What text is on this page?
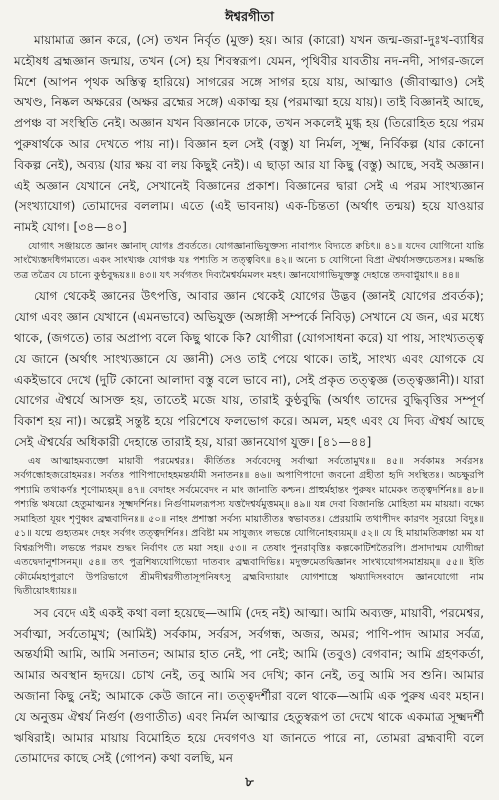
ঈশ্বরগীতা

মায়ামাত্র জ্ঞান করে, (সে) তখন নির্বৃত (মুক্ত) হয়। আর (কারো) যখন জন্ম-জরা-দুঃখ-ব্যাধির মহৌষধ ব্রহ্মজ্ঞান জন্মায়, তখন (সে) হয় শিবস্বরূপ। যেমন, পৃথিবীর যাবতীয় নদ-নদী, সাগর-জলে মিশে (আপন পৃথক অস্তিত্ব হারিয়ে) সাগরের সঙ্গে সাগর হয়ে যায়, আত্মাও (জীবাত্মাও) সেই অখণ্ড, নিষ্কল অক্ষরের (অক্ষর ব্রহ্মের সঙ্গে) একাত্ম হয় (পরমাত্মা হয়ে যায়)। তাই বিজ্ঞানই আছে, প্রপঞ্চ বা সংস্থিতি নেই। অজ্ঞান যখন বিজ্ঞানকে ঢাকে, তখন সকলেই মুগ্ধ হয় (তিরোহিত হয়ে পরম পুরুষার্থকে আর দেখতে পায় না)। বিজ্ঞান হল সেই (বস্তু) যা নির্মল, সূক্ষ্ম, নির্বিকল্প (যার কোনো বিকল্প নেই), অব্যয় (যার ক্ষয় বা লয় কিছুই নেই)। এ ছাড়া আর যা কিছু (বস্তু) আছে, সবই অজ্ঞান। এই অজ্ঞান যেখানে নেই, সেখানেই বিজ্ঞানের প্রকাশ। বিজ্ঞানের দ্বারা সেই এ পরম সাংখ্যজ্ঞান (সংখ্যাযোগ) তোমাদের বললাম। এতে (এই ভাবনায়) এক-চিন্ততা (অর্থাৎ তন্ময়) হয়ে যাওয়ার নামই যোগ। [৩৪—৪০]

যোগাৎ সঞ্জায়তে জ্ঞানং জ্ঞানাদ্ যোগঃ প্রবর্ততে। যোগজ্ঞানাভিযুক্তস্য নাবাপ্যং বিদ্যতে ক্বচিৎ॥ ৪১॥ যদেব যোগিনো যান্তি সাংখ্যৈস্তদধিগম্যতে। একং সাংখ্যঞ্চ যোগঞ্চ যঃ পশ্যতি স তত্ত্ববিৎ॥ ৪২॥ অন্যে চ যোগিনো বিপ্রা ঐশ্বর্যাসক্তচেতসঃ। মজ্জন্তি তত্র তত্রৈব যে চান্যে কুণ্ঠবুদ্ধয়ঃ॥ ৪৩॥ যৎ সর্বগতং দিব্যমৈশ্বর্যমমলং মহৎ। জ্ঞানযোগাভিযুক্তস্তু দেহান্তে তদবাপ্নুয়াৎ॥ ৪৪॥

যোগ থেকেই জ্ঞানের উৎপত্তি, আবার জ্ঞান থেকেই যোগের উদ্ভব (জ্ঞানই যোগের প্রবর্তক); যোগ এবং জ্ঞান যেখানে (এমনভাবে) অভিযুক্ত (অঙ্গাঙ্গী সম্পর্কে নিবিড়) সেখানে যে জন, এর মধ্যে থাকে, (জগতে) তার অপ্রাপ্য বলে কিছু থাকে কি? যোগীরা (যোগসাধনা করে) যা পায়, সাংখ্যতত্ত্ব যে জানে (অর্থাৎ সাংখ্যজ্ঞানে যে জ্ঞানী) সেও তাই পেয়ে থাকে। তাই, সাংখ্য এবং যোগকে যে একইভাবে দেখে (দুটি কোনো আলাদা বস্তু বলে ভাবে না), সেই প্রকৃত তত্ত্বজ্ঞ (তত্ত্বজ্ঞানী)। যারা যোগের ঐশ্বর্যে আসক্ত হয়, তাতেই মজে যায়, তারাই কুণ্ঠবুদ্ধি (অর্থাৎ তাদের বুদ্ধিবৃত্তির সম্পূর্ণ বিকাশ হয় না)। অল্পেই সন্তুষ্ট হয়ে পরিশেষে ফলভোগ করে। অমল, মহৎ এবং যে দিব্য ঐশ্বর্য আছে সেই ঐশ্বর্যের অধিকারী দেহান্তে তারাই হয়, যারা জ্ঞানযোগ যুক্ত। [৪১—৪৪]

এষ আত্মাহমব্যক্তো মায়াবী পরমেশ্বরঃ। কীর্তিতঃ সর্ববেদেষু সর্বাত্মা সর্বতোমুখঃ॥ ৪৫॥ সর্বকামঃ সর্বরসঃ সর্বগন্ধোহজরোহমরঃ। সর্বতঃ পাণিপাদোহহমন্তর্যামী সনাতনঃ॥ ৪৬॥ অপাণিপাদো জবনো গ্রহীতা হৃদি সংস্থিতঃ। অচক্ষুরপি পশ্যামি তথাকর্ণঃ শৃণোম্যহম্॥ ৪৭॥ বেদাহং সর্বমেবেদং ন মাং জানাতি কশ্চন। প্রাহুর্মহান্তং পুরুষং মামেকং তত্ত্বদর্শিনঃ॥ ৪৮॥ পশ্যন্তি ঋষয়ো হেতুমাত্মনঃ সূক্ষ্মদর্শিনঃ। নির্গুণামলরূপস্য যত্তদৈশ্বর্যমুত্তমম্॥ ৪৯॥ যন্ন দেবা বিজানন্তি মোহিতা মম মায়য়া। বক্ষ্যে সমাহিতা যূয়ং শৃণুধ্বং ব্রহ্মবাদিনঃ॥ ৫০॥ নাহং প্রশাস্তা সর্বস্য মায়াতীতঃ স্বভাবতঃ। প্রেরয়ামি তথাপীদং কারণং সূরয়ো বিদুঃ॥ ৫১॥ যন্মে গুহ্যতমং দেহং সর্বগং তত্ত্বদর্শিনঃ। প্রবিষ্টা মম সাযুজ্যং লভন্তে যোগিনোহব্যয়ম্॥ ৫২॥ যে হি মায়ামতিক্রান্তা মম যা বিশ্বরূপিণী। লভন্তে পরমং শুদ্ধং নির্বাণং তে ময়া সহ॥ ৫৩॥ ন তেষাং পুনরাবৃত্তিঃ কল্পকোটিশতৈরপি। প্রসাদান্মম যোগীন্দ্রা এতদ্বেদানুশাসনম্॥ ৫৪॥ তৎ পুত্রশিষ্যযোগিভ্যো দাতব্যং ব্রহ্মবাদিভিঃ। মদুক্তমেতদ্বিজ্ঞানং সাংখ্যযোগসমাশ্রয়ম্॥ ৫৫॥ ইতি কৌর্মেমহাপুরাণে উপরিভাগে শ্রীমদীশ্বরগীতাসূপনিষৎসু ব্রহ্মবিদ্যায়াং যোগশাস্ত্রে ঋষ্যাদিসংবাদে জ্ঞানযোগো নাম দ্বিতীয়োঽধ্যায়ঃ॥

সব বেদে এই একই কথা বলা হয়েছে—আমি (দেহ নই) আত্মা। আমি অব্যক্ত, মায়াবী, পরমেশ্বর, সর্বাত্মা, সর্বতোমুখ; (আমিই) সর্বকাম, সর্বরস, সর্বগন্ধ, অজর, অমর; পাণি-পাদ আমার সর্বত্র, অন্তর্যামী আমি, আমি সনাতন; আমার হাত নেই, পা নেই; আমি (তবুও) বেগবান; আমি গ্রহণকর্তা, আমার অবস্থান হৃদয়ে। চোখ নেই, তবু আমি সব দেখি; কান নেই, তবু আমি সব শুনি। আমার অজানা কিছু নেই; আমাকে কেউ জানে না। তত্ত্বদর্শীরা বলে থাকে—আমি এক পুরুষ এবং মহান। যে অনুত্তম ঐশ্বর্য নির্গুণ (গুণাতীত) এবং নির্মল আত্মার হেতুস্বরূপ তা দেখে থাকে একমাত্র সূক্ষ্মদর্শী ঋষিরাই। আমার মায়ায় বিমোহিত হয়ে দেবগণও যা জানতে পারে না, তোমরা ব্রহ্মবাদী বলে তোমাদের কাছে সেই (গোপন) কথা বলছি, মন

৮
